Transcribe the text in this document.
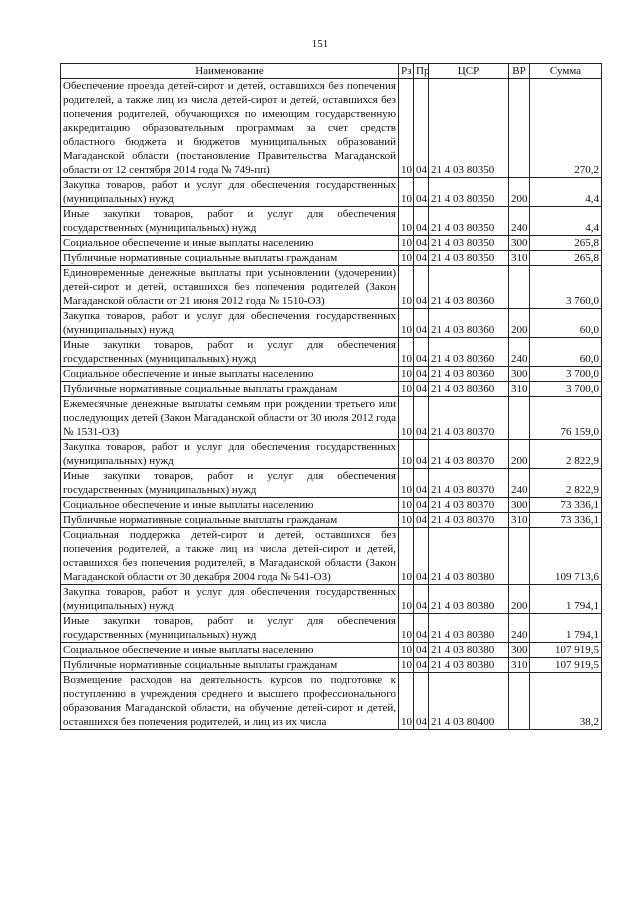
151
Наименование	Рз	Пр	ЦСР	ВР	Сумма
Обеспечение проезда детей-сирот и детей, оставшихся без попечения родителей, а также лиц из числа детей-сирот и детей, оставшихся без попечения родителей, обучающихся по имеющим государственную аккредитацию образовательным программам за счет средств областного бюджета и бюджетов муниципальных образований Магаданской области (постановление Правительства Магаданской области от 12 сентября 2014 года № 749-пп)	10	04	21 4 03 80350		270,2
Закупка товаров, работ и услуг для обеспечения государственных (муниципальных) нужд	10	04	21 4 03 80350	200	4,4
Иные закупки товаров, работ и услуг для обеспечения государственных (муниципальных) нужд	10	04	21 4 03 80350	240	4,4
Социальное обеспечение и иные выплаты населению	10	04	21 4 03 80350	300	265,8
Публичные нормативные социальные выплаты гражданам	10	04	21 4 03 80350	310	265,8
Единовременные денежные выплаты при усыновлении (удочерении) детей-сирот и детей, оставшихся без попечения родителей (Закон Магаданской области от 21 июня 2012 года № 1510-ОЗ)	10	04	21 4 03 80360		3 760,0
Закупка товаров, работ и услуг для обеспечения государственных (муниципальных) нужд	10	04	21 4 03 80360	200	60,0
Иные закупки товаров, работ и услуг для обеспечения государственных (муниципальных) нужд	10	04	21 4 03 80360	240	60,0
Социальное обеспечение и иные выплаты населению	10	04	21 4 03 80360	300	3 700,0
Публичные нормативные социальные выплаты гражданам	10	04	21 4 03 80360	310	3 700,0
Ежемесячные денежные выплаты семьям при рождении третьего или последующих детей (Закон Магаданской области от 30 июля 2012 года № 1531-ОЗ)	10	04	21 4 03 80370		76 159,0
Закупка товаров, работ и услуг для обеспечения государственных (муниципальных) нужд	10	04	21 4 03 80370	200	2 822,9
Иные закупки товаров, работ и услуг для обеспечения государственных (муниципальных) нужд	10	04	21 4 03 80370	240	2 822,9
Социальное обеспечение и иные выплаты населению	10	04	21 4 03 80370	300	73 336,1
Публичные нормативные социальные выплаты гражданам	10	04	21 4 03 80370	310	73 336,1
Социальная поддержка детей-сирот и детей, оставшихся без попечения родителей, а также лиц из числа детей-сирот и детей, оставшихся без попечения родителей, в Магаданской области (Закон Магаданской области от 30 декабря 2004 года № 541-ОЗ)	10	04	21 4 03 80380		109 713,6
Закупка товаров, работ и услуг для обеспечения государственных (муниципальных) нужд	10	04	21 4 03 80380	200	1 794,1
Иные закупки товаров, работ и услуг для обеспечения государственных (муниципальных) нужд	10	04	21 4 03 80380	240	1 794,1
Социальное обеспечение и иные выплаты населению	10	04	21 4 03 80380	300	107 919,5
Публичные нормативные социальные выплаты гражданам	10	04	21 4 03 80380	310	107 919,5
Возмещение расходов на деятельность курсов по подготовке к поступлению в учреждения среднего и высшего профессионального образования Магаданской области, на обучение детей-сирот и детей, оставшихся без попечения родителей, и лиц из их числа	10	04	21 4 03 80400		38,2
